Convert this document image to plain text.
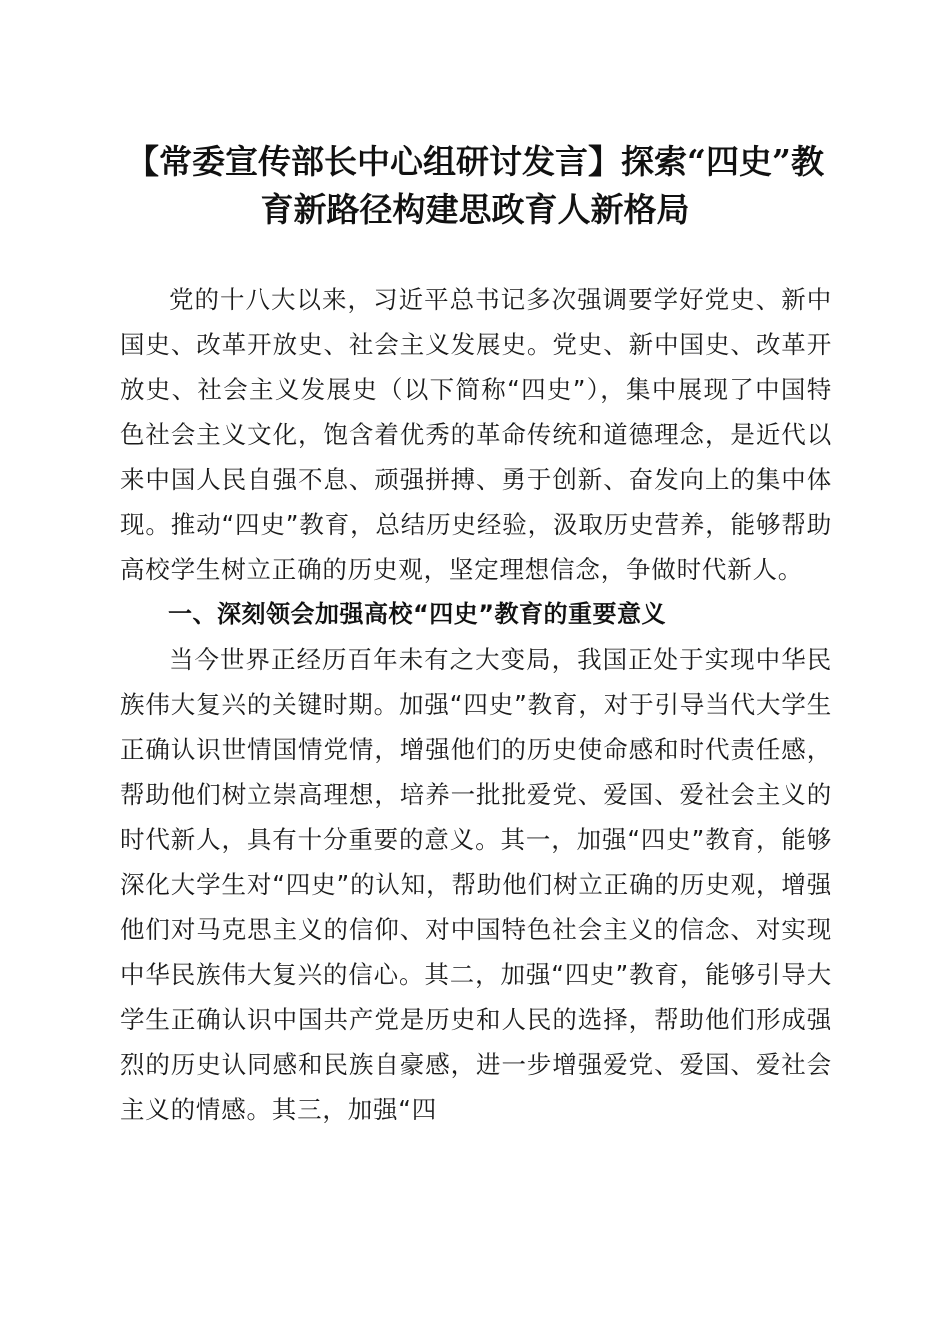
【常委宣传部长中心组研讨发言】探索“四史”教育新路径构建思政育人新格局

党的十八大以来，习近平总书记多次强调要学好党史、新中国史、改革开放史、社会主义发展史。党史、新中国史、改革开放史、社会主义发展史（以下简称“四史”），集中展现了中国特色社会主义文化，饱含着优秀的革命传统和道德理念，是近代以来中国人民自强不息、顽强拼搏、勇于创新、奋发向上的集中体现。推动“四史”教育，总结历史经验，汲取历史营养，能够帮助高校学生树立正确的历史观，坚定理想信念，争做时代新人。

一、深刻领会加强高校“四史”教育的重要意义

当今世界正经历百年未有之大变局，我国正处于实现中华民族伟大复兴的关键时期。加强“四史”教育，对于引导当代大学生正确认识世情国情党情，增强他们的历史使命感和时代责任感，帮助他们树立崇高理想，培养一批批爱党、爱国、爱社会主义的时代新人，具有十分重要的意义。其一，加强“四史”教育，能够深化大学生对“四史”的认知，帮助他们树立正确的历史观，增强他们对马克思主义的信仰、对中国特色社会主义的信念、对实现中华民族伟大复兴的信心。其二，加强“四史”教育，能够引导大学生正确认识中国共产党是历史和人民的选择，帮助他们形成强烈的历史认同感和民族自豪感，进一步增强爱党、爱国、爱社会主义的情感。其三，加强“四
